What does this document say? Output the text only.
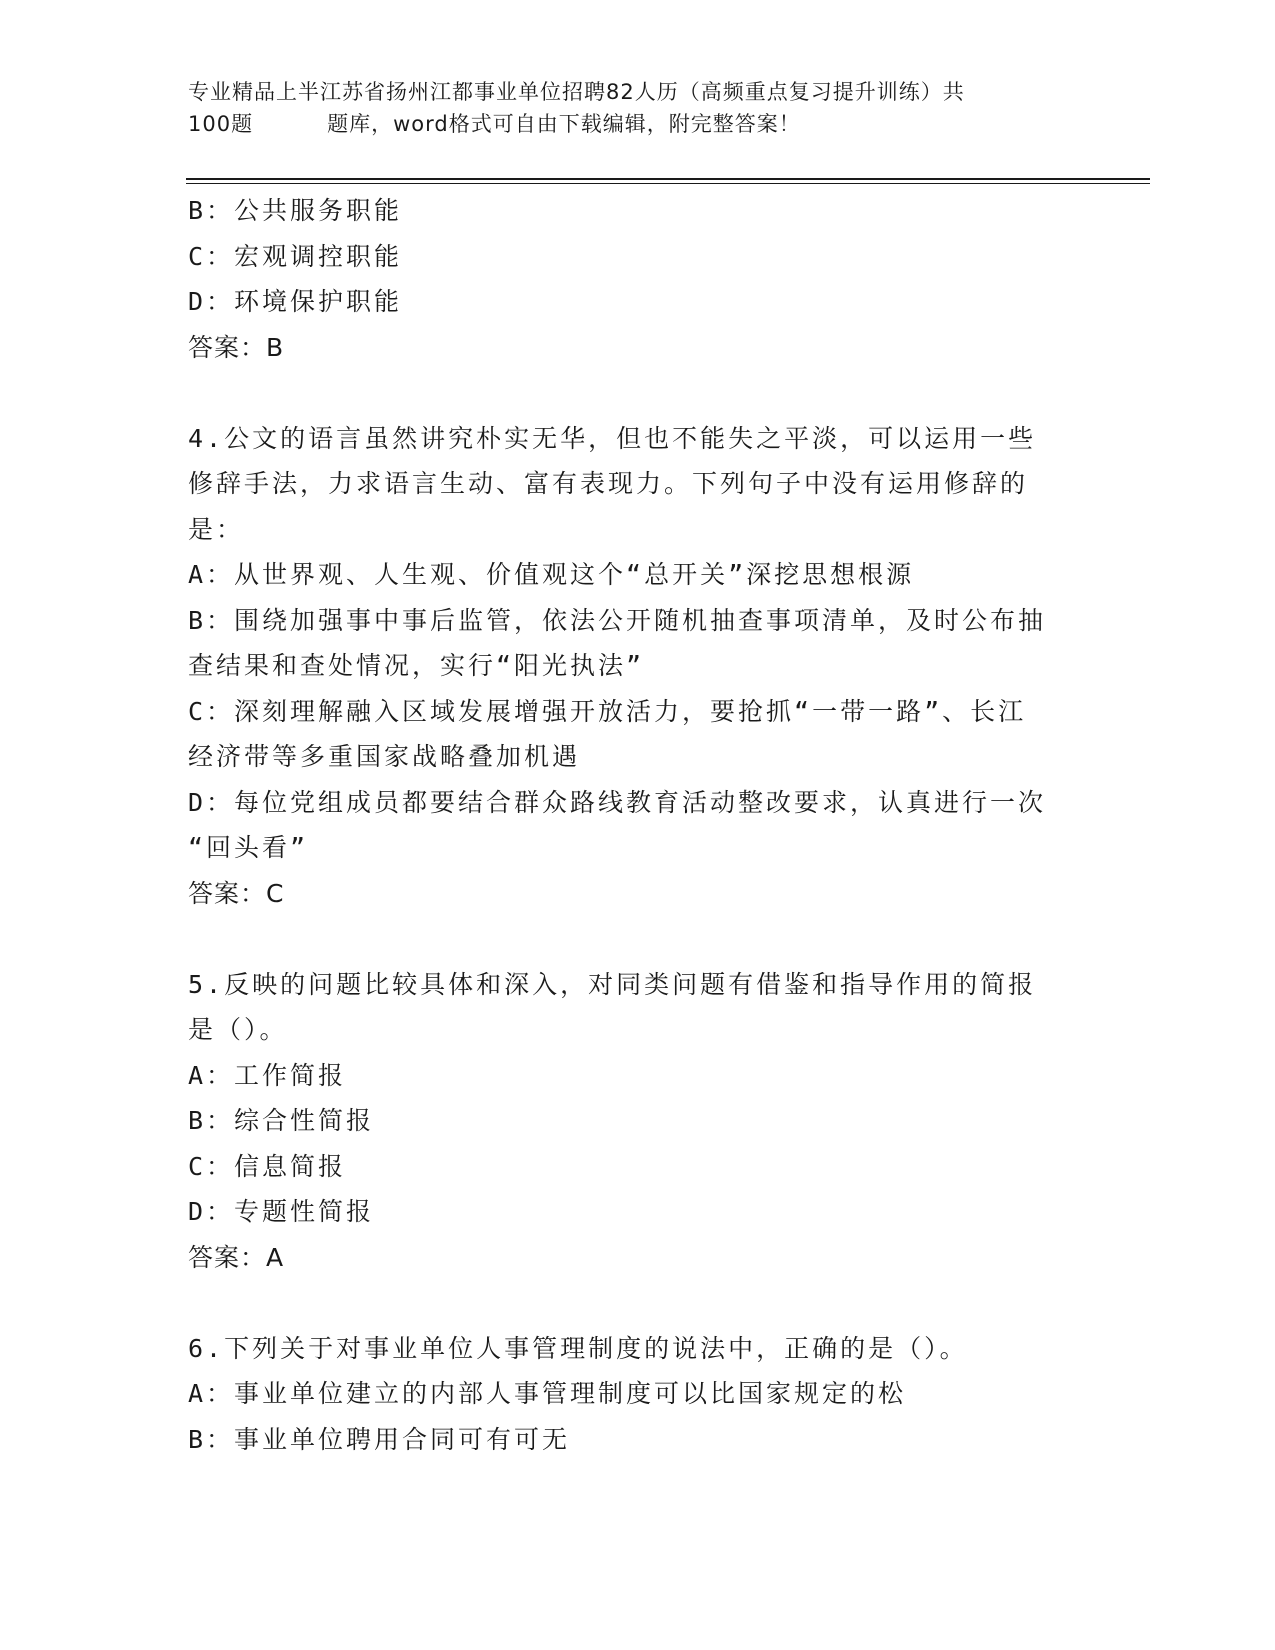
专业精品上半江苏省扬州江都事业单位招聘82人历（高频重点复习提升训练）共
100题	题库，word格式可自由下载编辑，附完整答案！
B：公共服务职能
C：宏观调控职能
D：环境保护职能
答案：B
4.公文的语言虽然讲究朴实无华，但也不能失之平淡，可以运用一些
修辞手法，力求语言生动、富有表现力。下列句子中没有运用修辞的
是：
A：从世界观、人生观、价值观这个“总开关”深挖思想根源
B：围绕加强事中事后监管，依法公开随机抽查事项清单，及时公布抽
查结果和查处情况，实行“阳光执法”
C：深刻理解融入区域发展增强开放活力，要抢抓“一带一路”、长江
经济带等多重国家战略叠加机遇
D：每位党组成员都要结合群众路线教育活动整改要求，认真进行一次
“回头看”
答案：C
5.反映的问题比较具体和深入，对同类问题有借鉴和指导作用的简报
是（）。
A：工作简报
B：综合性简报
C：信息简报
D：专题性简报
答案：A
6.下列关于对事业单位人事管理制度的说法中，正确的是（）。
A：事业单位建立的内部人事管理制度可以比国家规定的松
B：事业单位聘用合同可有可无
